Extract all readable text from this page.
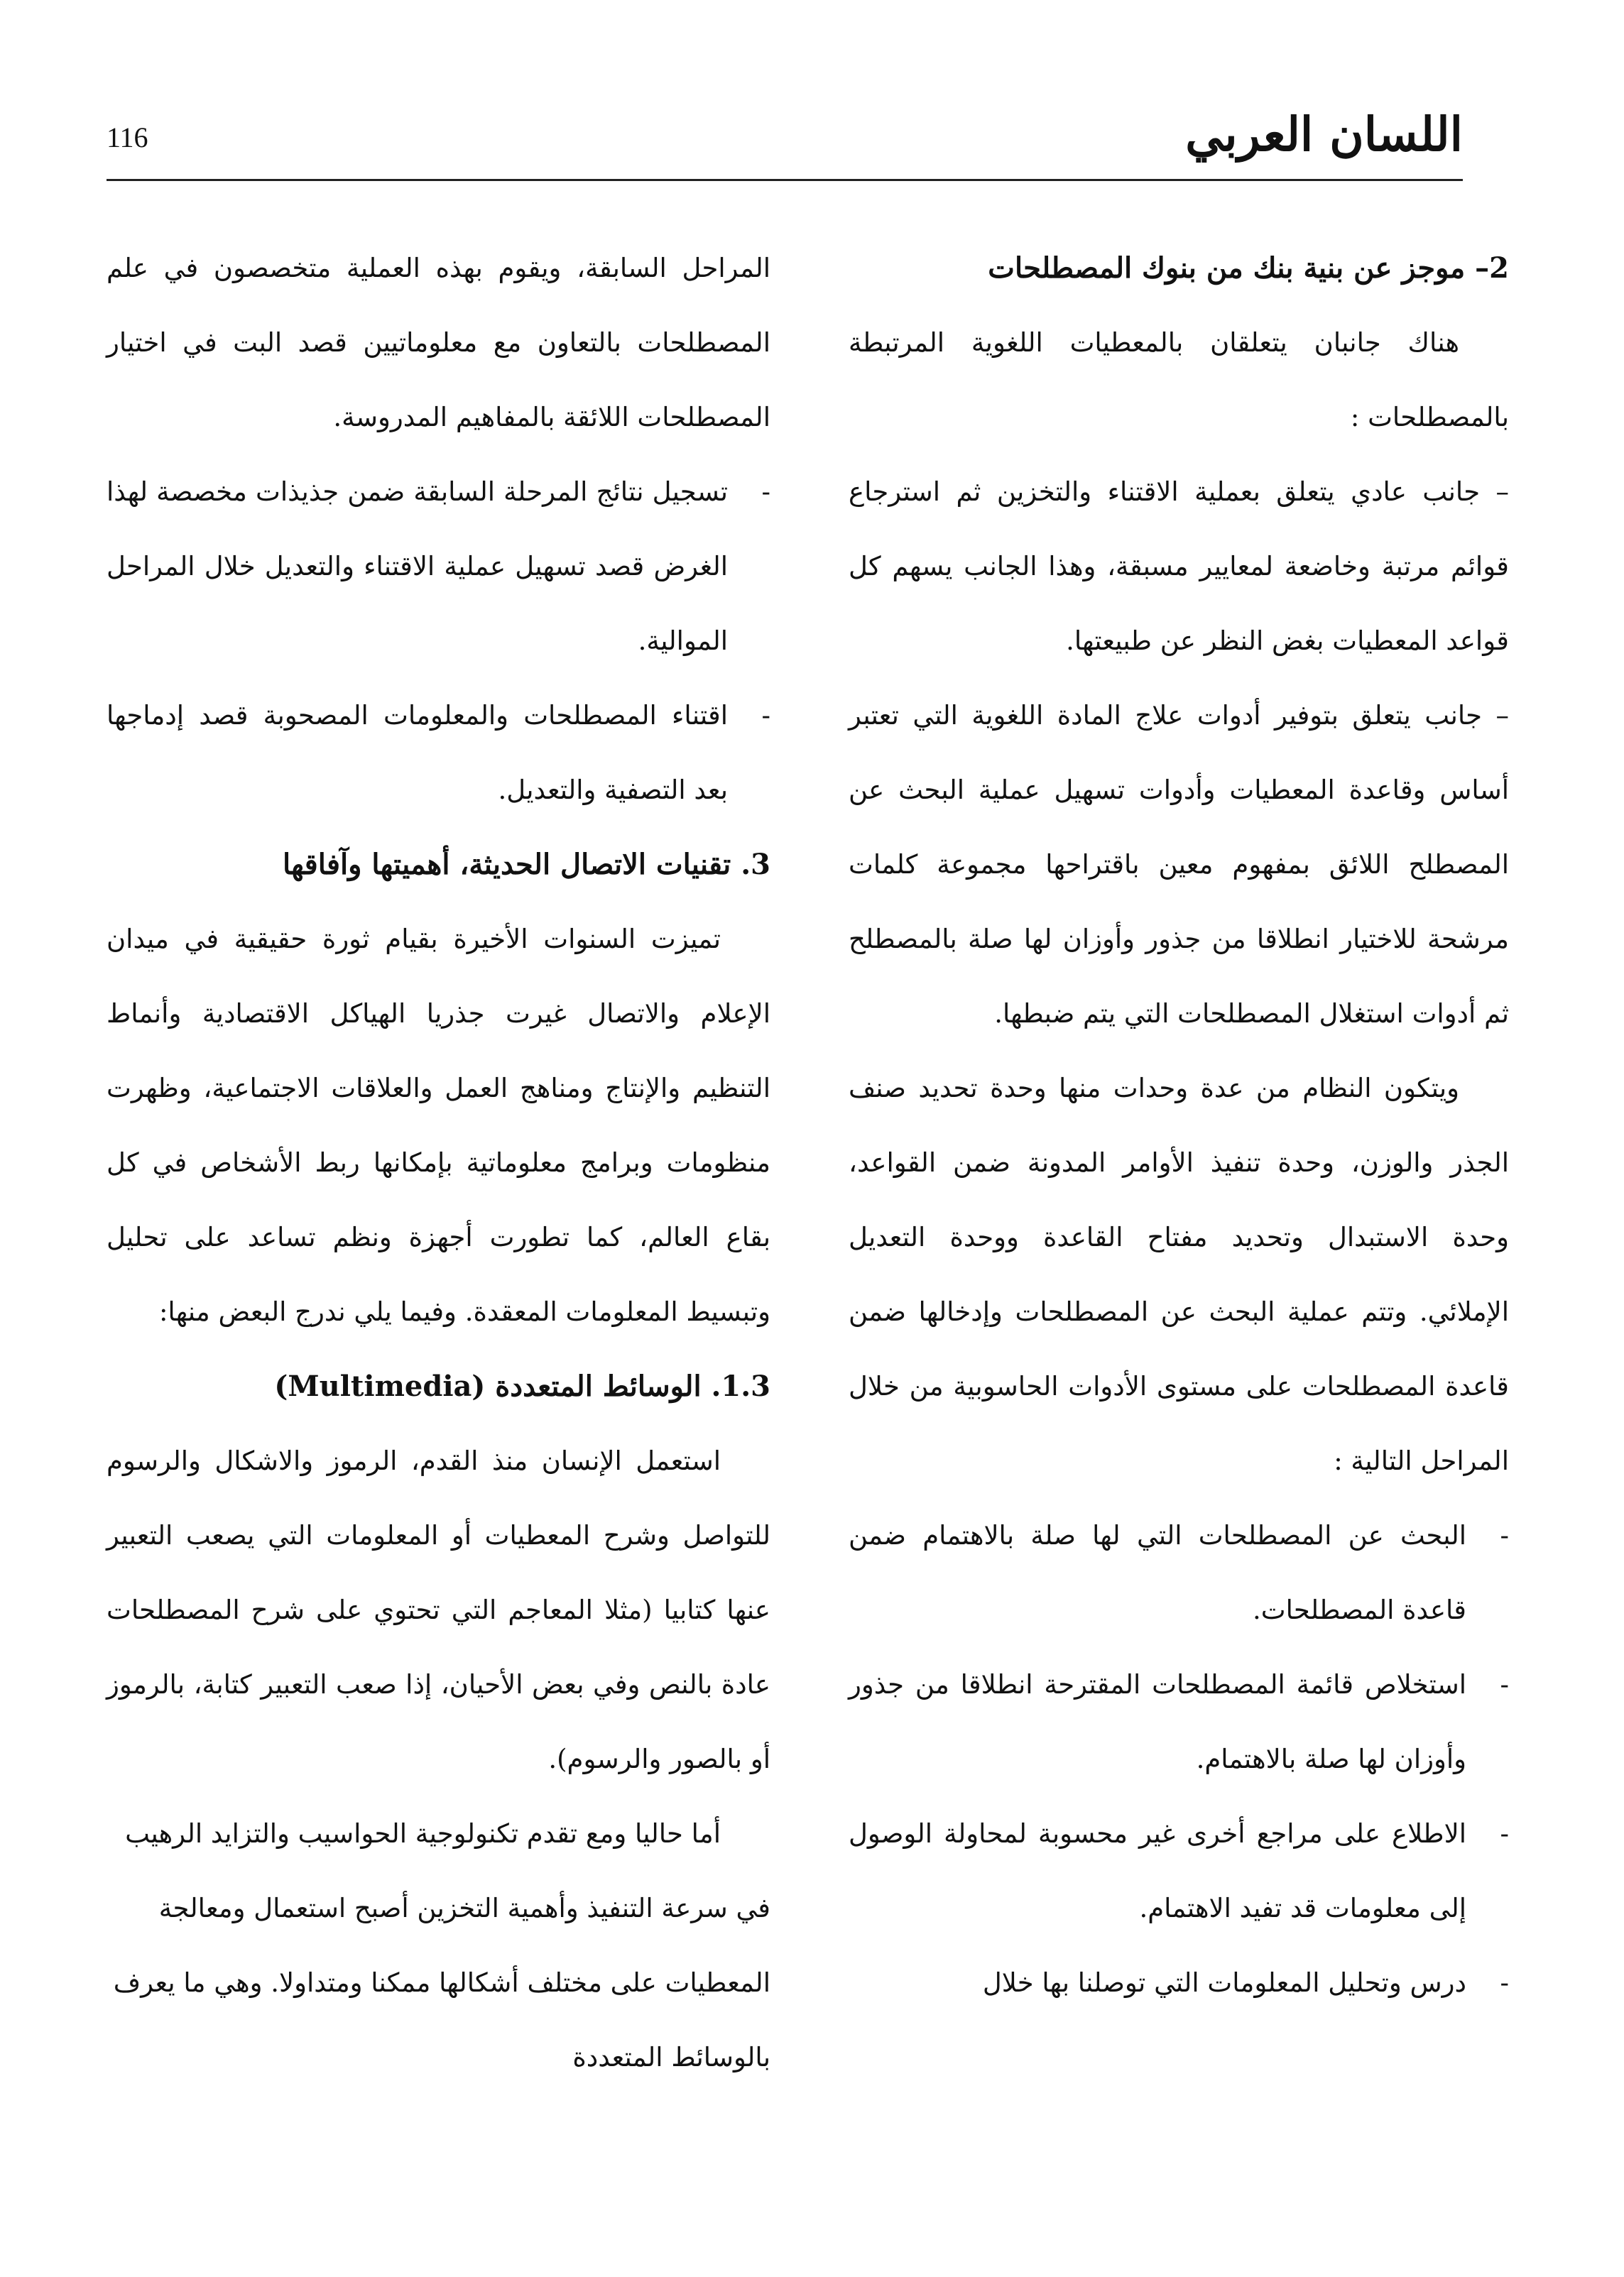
116	اللسان العربي

2– موجز عن بنية بنك من بنوك المصطلحات

هناك جانبان يتعلقان بالمعطيات اللغوية المرتبطة بالمصطلحات :

– جانب عادي يتعلق بعملية الاقتناء والتخزين ثم استرجاع قوائم مرتبة وخاضعة لمعايير مسبقة، وهذا الجانب يسهم كل قواعد المعطيات بغض النظر عن طبيعتها.

– جانب يتعلق بتوفير أدوات علاج المادة اللغوية التي تعتبر أساس وقاعدة المعطيات وأدوات تسهيل عملية البحث عن المصطلح اللائق بمفهوم معين باقتراحها مجموعة كلمات مرشحة للاختيار انطلاقا من جذور وأوزان لها صلة بالمصطلح ثم أدوات استغلال المصطلحات التي يتم ضبطها.

ويتكون النظام من عدة وحدات منها وحدة تحديد صنف الجذر والوزن، وحدة تنفيذ الأوامر المدونة ضمن القواعد، وحدة الاستبدال وتحديد مفتاح القاعدة ووحدة التعديل الإملائي. وتتم عملية البحث عن المصطلحات وإدخالها ضمن قاعدة المصطلحات على مستوى الأدوات الحاسوبية من خلال المراحل التالية :

-البحث عن المصطلحات التي لها صلة بالاهتمام ضمن قاعدة المصطلحات.

-استخلاص قائمة المصطلحات المقترحة انطلاقا من جذور وأوزان لها صلة بالاهتمام.

-الاطلاع على مراجع أخرى غير محسوبة لمحاولة الوصول إلى معلومات قد تفيد الاهتمام.

-درس وتحليل المعلومات التي توصلنا بها خلال

المراحل السابقة، ويقوم بهذه العملية متخصصون في علم المصطلحات بالتعاون مع معلوماتيين قصد البت في اختيار المصطلحات اللائقة بالمفاهيم المدروسة.

-تسجيل نتائج المرحلة السابقة ضمن جذيذات مخصصة لهذا الغرض قصد تسهيل عملية الاقتناء والتعديل خلال المراحل الموالية.

-اقتناء المصطلحات والمعلومات المصحوبة قصد إدماجها بعد التصفية والتعديل.

3. تقنيات الاتصال الحديثة، أهميتها وآفاقها

تميزت السنوات الأخيرة بقيام ثورة حقيقية في ميدان الإعلام والاتصال غيرت جذريا الهياكل الاقتصادية وأنماط التنظيم والإنتاج ومناهج العمل والعلاقات الاجتماعية، وظهرت منظومات وبرامج معلوماتية بإمكانها ربط الأشخاص في كل بقاع العالم، كما تطورت أجهزة ونظم تساعد على تحليل وتبسيط المعلومات المعقدة. وفيما يلي ندرج البعض منها:

1.3. الوسائط المتعددة (Multimedia)

استعمل الإنسان منذ القدم، الرموز والاشكال والرسوم للتواصل وشرح المعطيات أو المعلومات التي يصعب التعبير عنها كتابيا (مثلا المعاجم التي تحتوي على شرح المصطلحات عادة بالنص وفي بعض الأحيان، إذا صعب التعبير كتابة، بالرموز أو بالصور والرسوم).

أما حاليا ومع تقدم تكنولوجية الحواسيب والتزايد الرهيب في سرعة التنفيذ وأهمية التخزين أصبح استعمال ومعالجة المعطيات على مختلف أشكالها ممكنا ومتداولا. وهي ما يعرف بالوسائط المتعددة
